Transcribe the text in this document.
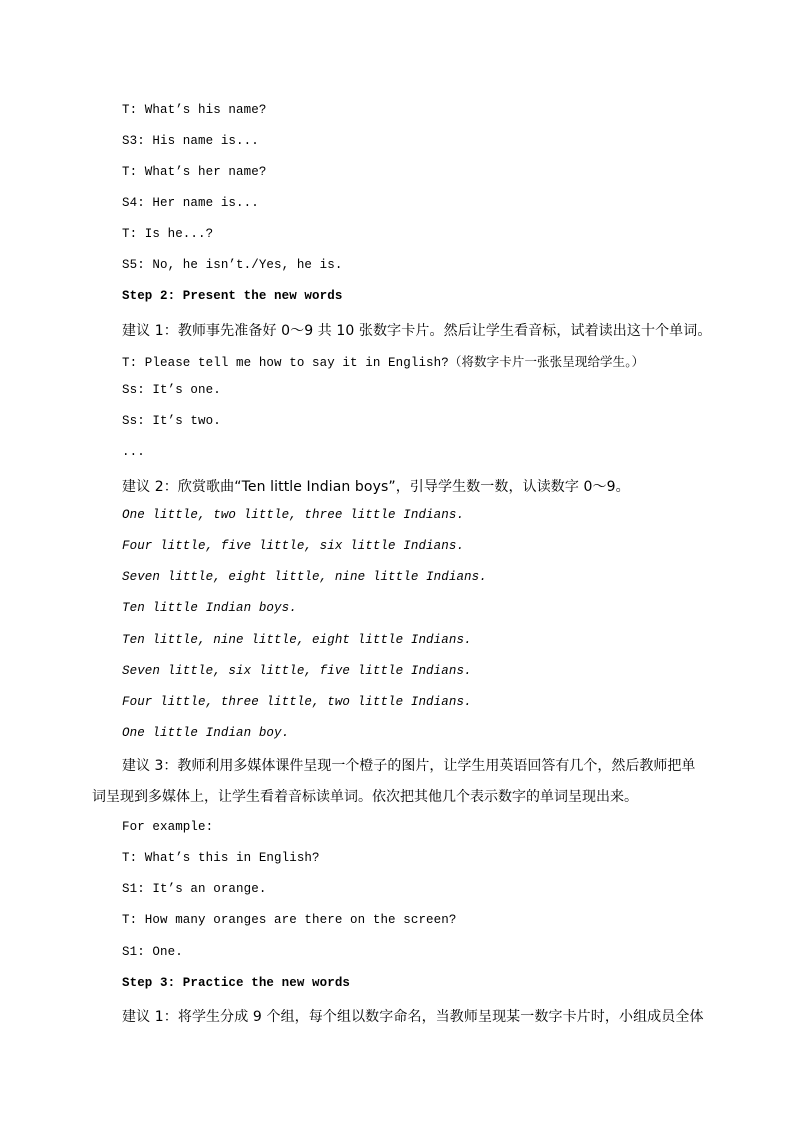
T: What’s his name?
S3: His name is...
T: What’s her name?
S4: Her name is...
T: Is he...?
S5: No, he isn’t./Yes, he is.
Step 2: Present the new words
建议 1：教师事先准备好 0～9 共 10 张数字卡片。然后让学生看音标，试着读出这十个单词。
T: Please tell me how to say it in English?（将数字卡片一张张呈现给学生。）
Ss: It’s one.
Ss: It’s two.
...
建议 2：欣赏歌曲“Ten little Indian boys”，引导学生数一数，认读数字 0～9。
One little, two little, three little Indians.
Four little, five little, six little Indians.
Seven little, eight little, nine little Indians.
Ten little Indian boys.
Ten little, nine little, eight little Indians.
Seven little, six little, five little Indians.
Four little, three little, two little Indians.
One little Indian boy.
建议 3：教师利用多媒体课件呈现一个橙子的图片，让学生用英语回答有几个，然后教师把单词呈现到多媒体上，让学生看着音标读单词。依次把其他几个表示数字的单词呈现出来。
For example:
T: What’s this in English?
S1: It’s an orange.
T: How many oranges are there on the screen?
S1: One.
Step 3: Practice the new words
建议 1：将学生分成 9 个组，每个组以数字命名，当教师呈现某一数字卡片时，小组成员全体
